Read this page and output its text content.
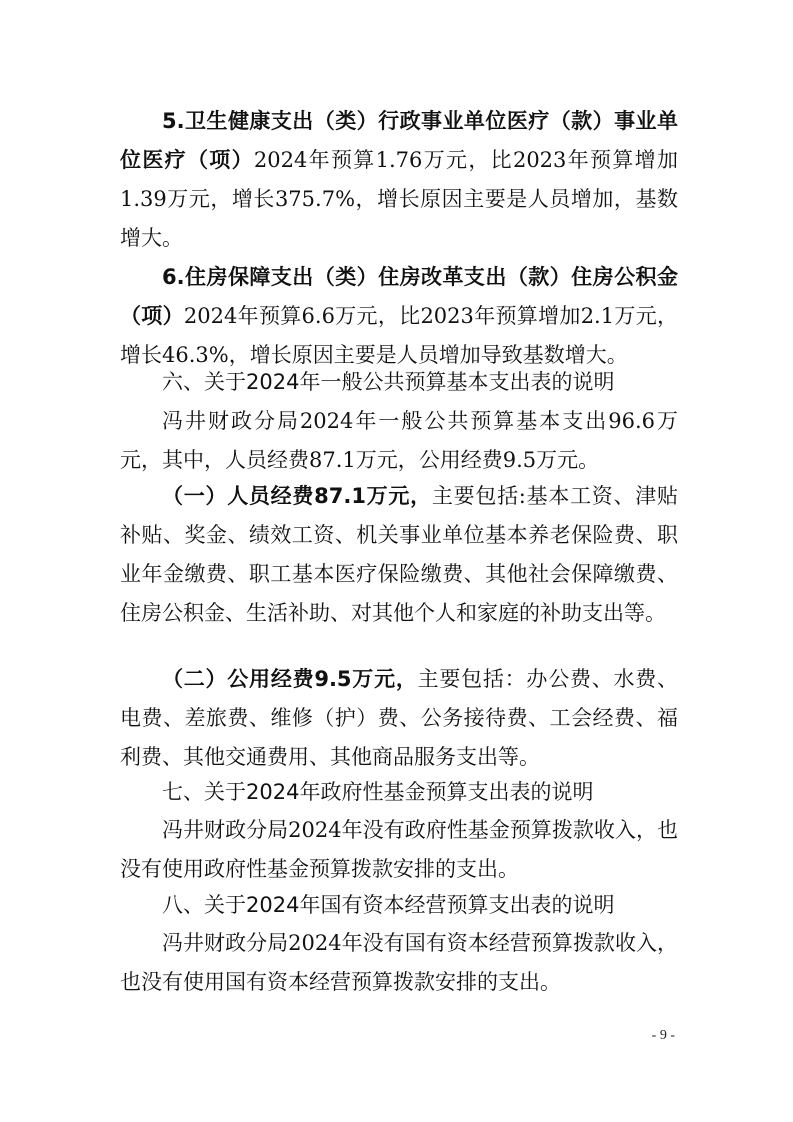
5.卫生健康支出（类）行政事业单位医疗（款）事业单位医疗（项）2024年预算1.76万元，比2023年预算增加1.39万元，增长375.7%，增长原因主要是人员增加，基数增大。

6.住房保障支出（类）住房改革支出（款）住房公积金（项）2024年预算6.6万元，比2023年预算增加2.1万元，增长46.3%，增长原因主要是人员增加导致基数增大。

六、关于2024年一般公共预算基本支出表的说明

冯井财政分局2024年一般公共预算基本支出96.6万元，其中，人员经费87.1万元，公用经费9.5万元。

（一）人员经费87.1万元，主要包括:基本工资、津贴补贴、奖金、绩效工资、机关事业单位基本养老保险费、职业年金缴费、职工基本医疗保险缴费、其他社会保障缴费、住房公积金、生活补助、对其他个人和家庭的补助支出等。

（二）公用经费9.5万元，主要包括：办公费、水费、电费、差旅费、维修（护）费、公务接待费、工会经费、福利费、其他交通费用、其他商品服务支出等。

七、关于2024年政府性基金预算支出表的说明

冯井财政分局2024年没有政府性基金预算拨款收入，也没有使用政府性基金预算拨款安排的支出。

八、关于2024年国有资本经营预算支出表的说明

冯井财政分局2024年没有国有资本经营预算拨款收入，也没有使用国有资本经营预算拨款安排的支出。

- 9 -
